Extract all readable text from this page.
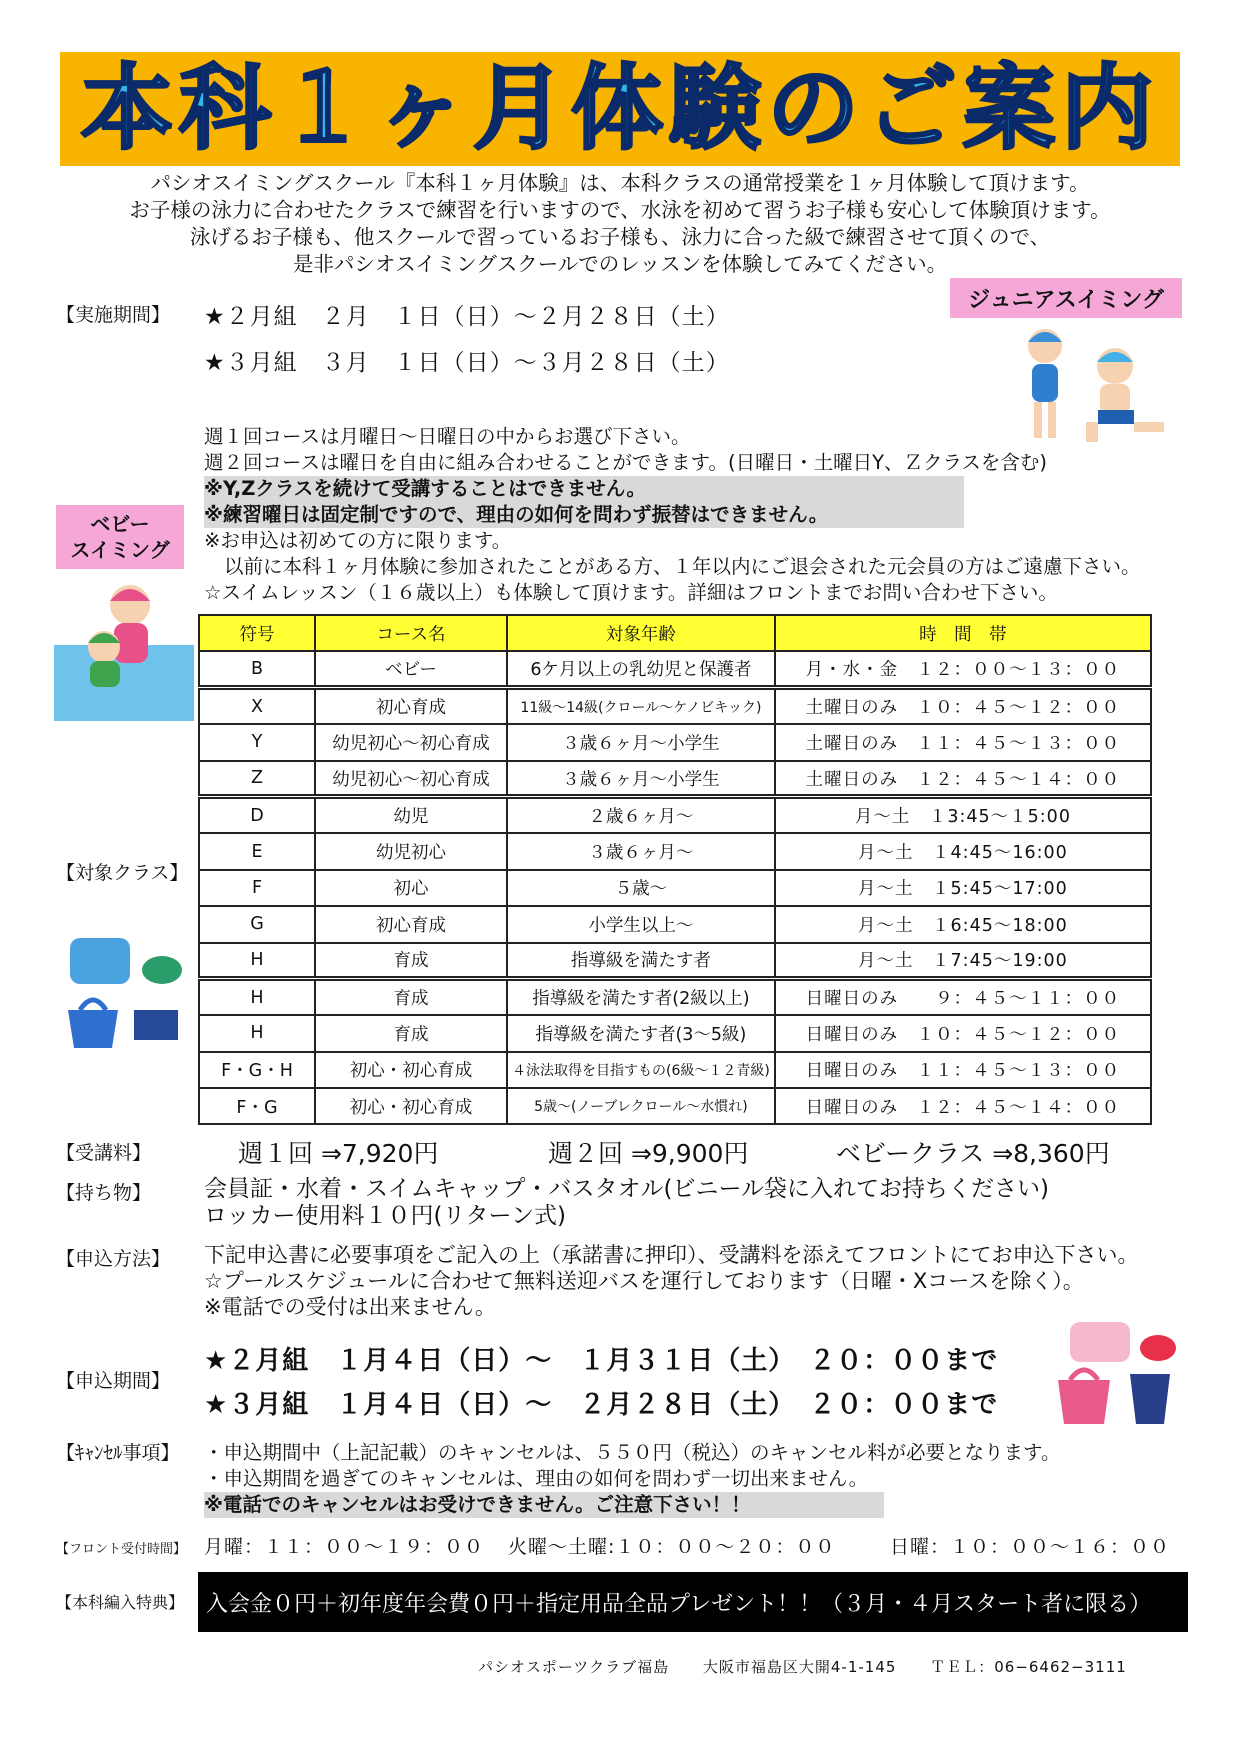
本科１ヶ月体験のご案内
パシオスイミングスクール『本科１ヶ月体験』は、本科クラスの通常授業を１ヶ月体験して頂けます。
お子様の泳力に合わせたクラスで練習を行いますので、水泳を初めて習うお子様も安心して体験頂けます。
泳げるお子様も、他スクールで習っているお子様も、泳力に合った級で練習させて頂くので、
是非パシオスイミングスクールでのレッスンを体験してみてください。
ジュニアスイミング
ベビー
スイミング
【実施期間】 ★２月組　２月　１日（日）～２月２８日（土）
★３月組　３月　１日（日）～３月２８日（土）
週１回コースは月曜日～日曜日の中からお選び下さい。
週２回コースは曜日を自由に組み合わせることができます。(日曜日・土曜日Y、Ｚクラスを含む)
※Y,Zクラスを続けて受講することはできません。
※練習曜日は固定制ですので、理由の如何を問わず振替はできません。
※お申込は初めての方に限ります。
以前に本科１ヶ月体験に参加されたことがある方、１年以内にご退会された元会員の方はご遠慮下さい。
☆スイムレッスン（１６歳以上）も体験して頂けます。詳細はフロントまでお問い合わせ下さい。
【対象クラス】
符号	コース名	対象年齢	時　間　帯
B	ベビー	6ケ月以上の乳幼児と保護者	月・水・金　１２：００～１３：００
X	初心育成	11級～14級(クロール～ケノビキック)	土曜日のみ　１０：４５～１２：００
Y	幼児初心～初心育成	３歳６ヶ月～小学生	土曜日のみ　１１：４５～１３：００
Z	幼児初心～初心育成	３歳６ヶ月～小学生	土曜日のみ　１２：４５～１４：００
D	幼児	２歳６ヶ月～	月～土　１3:45～１5:00
E	幼児初心	３歳６ヶ月～	月～土　１4:45～16:00
F	初心	５歳～	月～土　１5:45～17:00
G	初心育成	小学生以上～	月～土　１6:45～18:00
H	育成	指導級を満たす者	月～土　１7:45～19:00
H	育成	指導級を満たす者(2級以上)	日曜日のみ　　９：４５～１１：００
H	育成	指導級を満たす者(3～5級)	日曜日のみ　１０：４５～１２：００
F・G・H	初心・初心育成	４泳法取得を目指すもの(6級～１２青級)	日曜日のみ　１１：４５～１３：００
F・G	初心・初心育成	5歳～(ノーブレクロール～水慣れ)	日曜日のみ　１２：４５～１４：００
【受講料】	週１回 ⇒7,920円	週２回 ⇒9,900円	ベビークラス ⇒8,360円
【持ち物】 会員証・水着・スイムキャップ・バスタオル(ビニール袋に入れてお持ちください)
ロッカー使用料１０円(リターン式)
【申込方法】 下記申込書に必要事項をご記入の上（承諾書に押印）、受講料を添えてフロントにてお申込下さい。
☆プールスケジュールに合わせて無料送迎バスを運行しております（日曜・Xコースを除く）。
※電話での受付は出来ません。
【申込期間】
★２月組　１月４日（日）～　１月３１日（土）　２０：００まで
★３月組　１月４日（日）～　２月２８日（土）　２０：００まで
【ｷｬﾝｾﾙ事項】 ・申込期間中（上記記載）のキャンセルは、５５０円（税込）のキャンセル料が必要となります。
・申込期間を過ぎてのキャンセルは、理由の如何を問わず一切出来ません。
※電話でのキャンセルはお受けできません。ご注意下さい！！
【フロント受付時間】 月曜：１１：００～１９：００ 火曜～土曜:１０：００～２０：００	日曜：１０：００～１６：００
【本科編入特典】 入会金０円＋初年度年会費０円＋指定用品全品プレゼント！！（３月・４月スタート者に限る）
パシオスポーツクラブ福島 大阪市福島区大開4-1-145 ＴＥＬ：06−6462−3111
